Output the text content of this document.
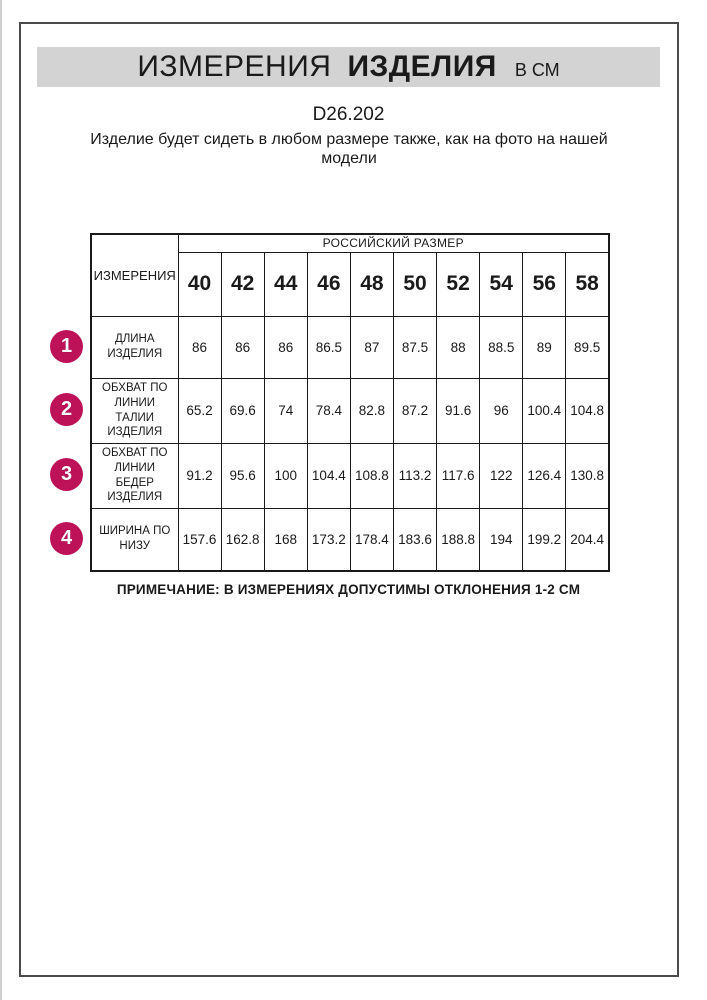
ИЗМЕРЕНИЯ ИЗДЕЛИЯ В СМ
D26.202
Изделие будет сидеть в любом размере также, как на фото на нашей
модели
ИЗМЕРЕНИЯ	РОССИЙСКИЙ РАЗМЕР									
	40	42	44	46	48	50	52	54	56	58
ДЛИНА
ИЗДЕЛИЯ	86	86	86	86.5	87	87.5	88	88.5	89	89.5
ОБХВАТ ПО
ЛИНИИ
ТАЛИИ
ИЗДЕЛИЯ	65.2	69.6	74	78.4	82.8	87.2	91.6	96	100.4	104.8
ОБХВАТ ПО
ЛИНИИ
БЕДЕР
ИЗДЕЛИЯ	91.2	95.6	100	104.4	108.8	113.2	117.6	122	126.4	130.8
ШИРИНА ПО
НИЗУ	157.6	162.8	168	173.2	178.4	183.6	188.8	194	199.2	204.4
1
2
3
4
ПРИМЕЧАНИЕ: В ИЗМЕРЕНИЯХ ДОПУСТИМЫ ОТКЛОНЕНИЯ 1-2 СМ
